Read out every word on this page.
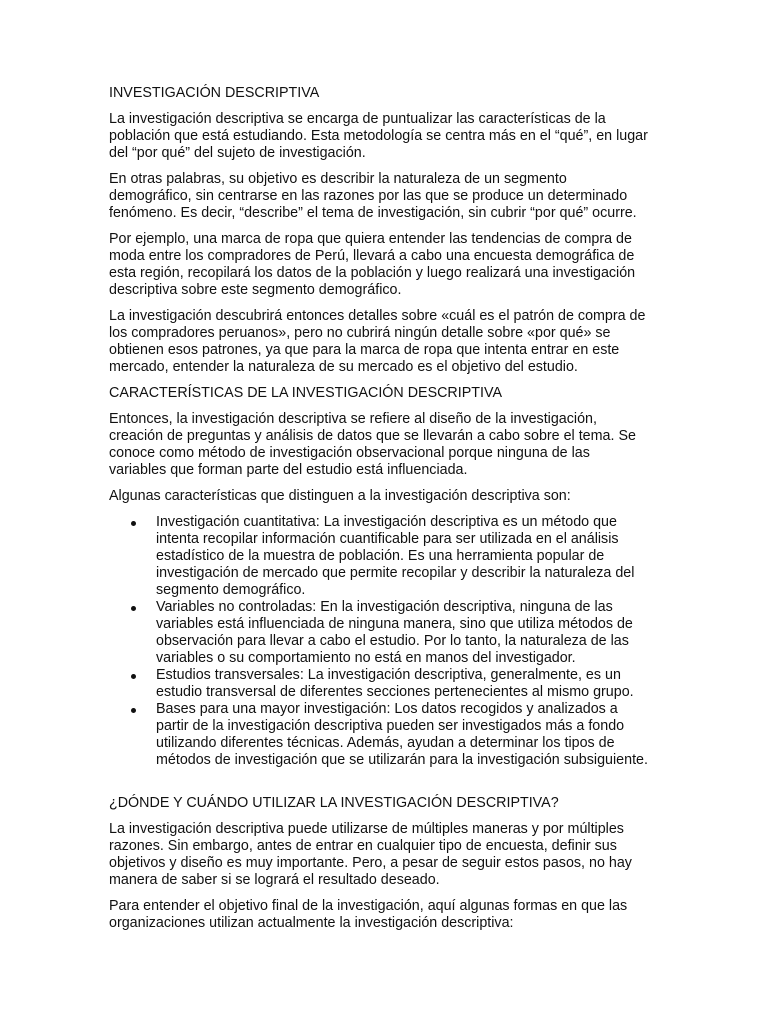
INVESTIGACIÓN DESCRIPTIVA

La investigación descriptiva se encarga de puntualizar las características de la población que está estudiando. Esta metodología se centra más en el “qué”, en lugar del “por qué” del sujeto de investigación.

En otras palabras, su objetivo es describir la naturaleza de un segmento demográfico, sin centrarse en las razones por las que se produce un determinado fenómeno. Es decir, “describe” el tema de investigación, sin cubrir “por qué” ocurre.

Por ejemplo, una marca de ropa que quiera entender las tendencias de compra de moda entre los compradores de Perú, llevará a cabo una encuesta demográfica de esta región, recopilará los datos de la población y luego realizará una investigación descriptiva sobre este segmento demográfico.

La investigación descubrirá entonces detalles sobre «cuál es el patrón de compra de los compradores peruanos», pero no cubrirá ningún detalle sobre «por qué» se obtienen esos patrones, ya que para la marca de ropa que intenta entrar en este mercado, entender la naturaleza de su mercado es el objetivo del estudio.

CARACTERÍSTICAS DE LA INVESTIGACIÓN DESCRIPTIVA

Entonces, la investigación descriptiva se refiere al diseño de la investigación, creación de preguntas y análisis de datos que se llevarán a cabo sobre el tema. Se conoce como método de investigación observacional porque ninguna de las variables que forman parte del estudio está influenciada.

Algunas características que distinguen a la investigación descriptiva son:

Investigación cuantitativa: La investigación descriptiva es un método que intenta recopilar información cuantificable para ser utilizada en el análisis estadístico de la muestra de población. Es una herramienta popular de investigación de mercado que permite recopilar y describir la naturaleza del segmento demográfico.
Variables no controladas: En la investigación descriptiva, ninguna de las variables está influenciada de ninguna manera, sino que utiliza métodos de observación para llevar a cabo el estudio. Por lo tanto, la naturaleza de las variables o su comportamiento no está en manos del investigador.
Estudios transversales: La investigación descriptiva, generalmente, es un estudio transversal de diferentes secciones pertenecientes al mismo grupo.
Bases para una mayor investigación: Los datos recogidos y analizados a partir de la investigación descriptiva pueden ser investigados más a fondo utilizando diferentes técnicas. Además, ayudan a determinar los tipos de métodos de investigación que se utilizarán para la investigación subsiguiente.
¿DÓNDE Y CUÁNDO UTILIZAR LA INVESTIGACIÓN DESCRIPTIVA?

La investigación descriptiva puede utilizarse de múltiples maneras y por múltiples razones. Sin embargo, antes de entrar en cualquier tipo de encuesta, definir sus objetivos y diseño es muy importante. Pero, a pesar de seguir estos pasos, no hay manera de saber si se logrará el resultado deseado.

Para entender el objetivo final de la investigación, aquí algunas formas en que las organizaciones utilizan actualmente la investigación descriptiva:
